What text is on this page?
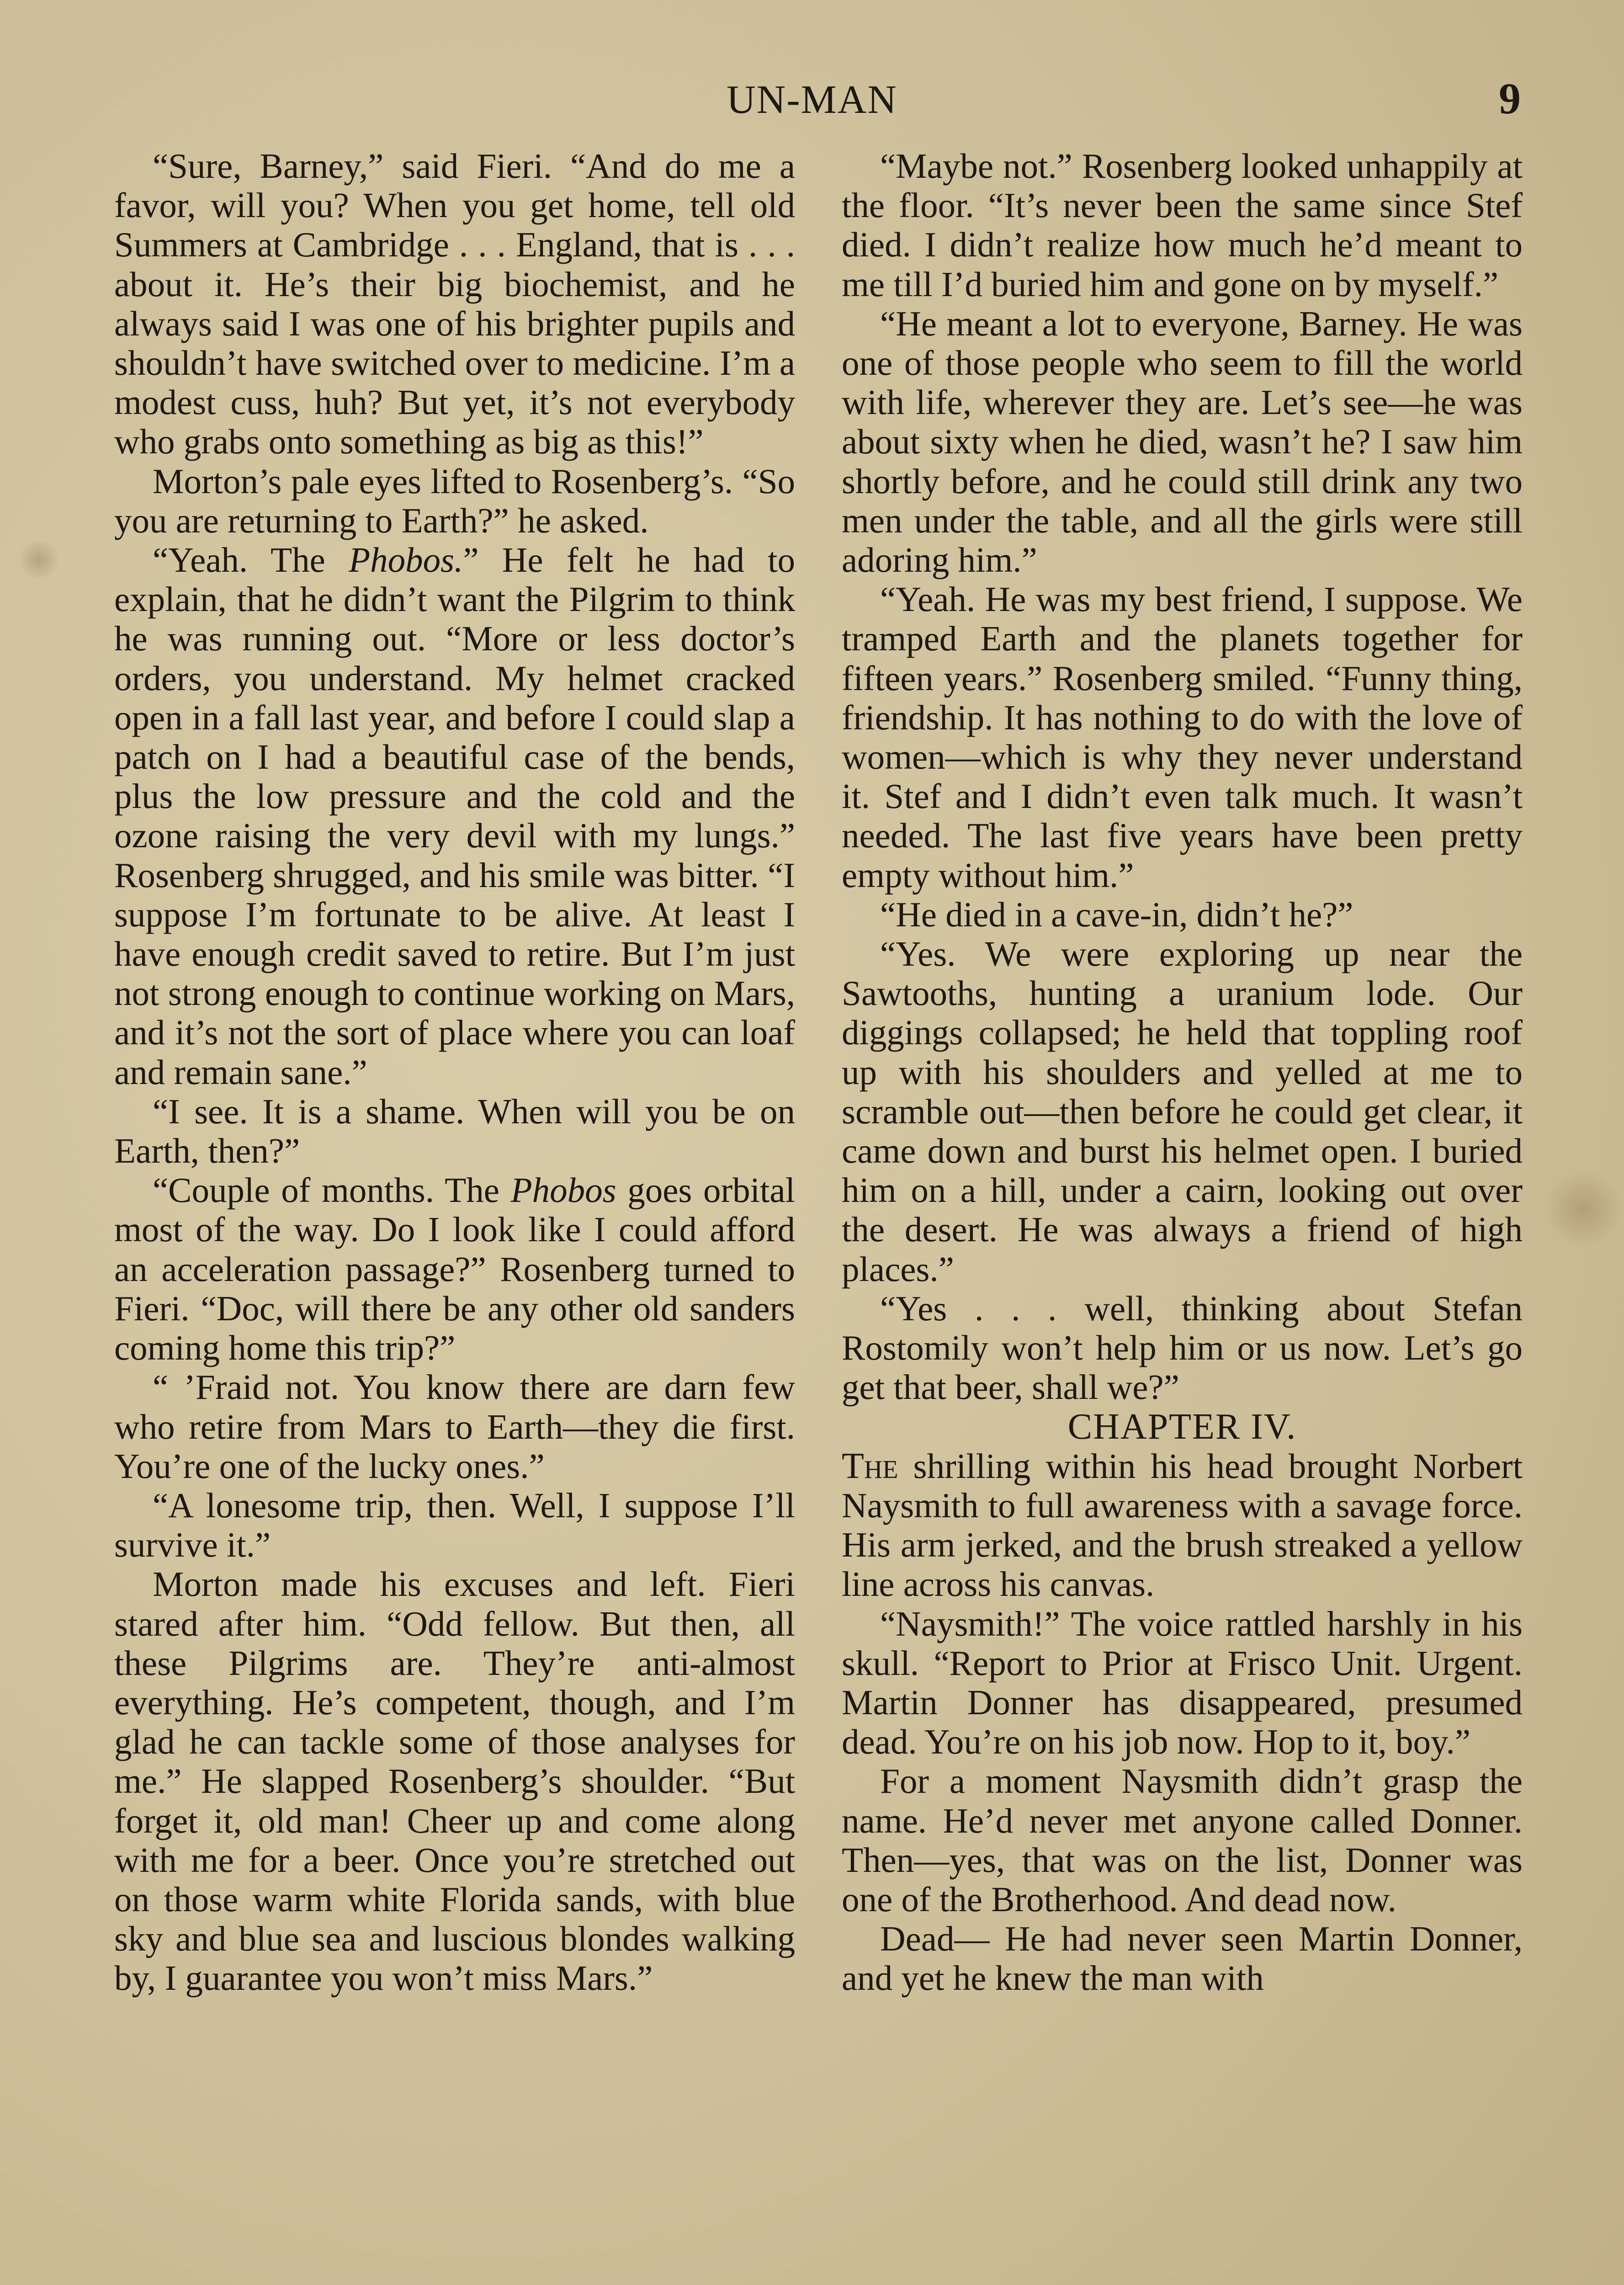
UN-MAN	9

“Sure, Barney,” said Fieri. “And do me a favor, will you? When you get home, tell old Summers at Cambridge . . . England, that is . . . about it. He’s their big biochemist, and he always said I was one of his brighter pupils and shouldn’t have switched over to medicine. I’m a modest cuss, huh? But yet, it’s not everybody who grabs onto something as big as this!”

Morton’s pale eyes lifted to Rosenberg’s. “So you are returning to Earth?” he asked.

“Yeah. The Phobos.” He felt he had to explain, that he didn’t want the Pilgrim to think he was running out. “More or less doctor’s orders, you understand. My helmet cracked open in a fall last year, and before I could slap a patch on I had a beautiful case of the bends, plus the low pressure and the cold and the ozone raising the very devil with my lungs.” Rosenberg shrugged, and his smile was bitter. “I suppose I’m fortunate to be alive. At least I have enough credit saved to retire. But I’m just not strong enough to continue working on Mars, and it’s not the sort of place where you can loaf and remain sane.”

“I see. It is a shame. When will you be on Earth, then?”

“Couple of months. The Phobos goes orbital most of the way. Do I look like I could afford an acceleration passage?” Rosenberg turned to Fieri. “Doc, will there be any other old sanders coming home this trip?”

“ ’Fraid not. You know there are darn few who retire from Mars to Earth—they die first. You’re one of the lucky ones.”

“A lonesome trip, then. Well, I suppose I’ll survive it.”

Morton made his excuses and left. Fieri stared after him. “Odd fellow. But then, all these Pilgrims are. They’re anti-almost everything. He’s competent, though, and I’m glad he can tackle some of those analyses for me.” He slapped Rosenberg’s shoulder. “But forget it, old man! Cheer up and come along with me for a beer. Once you’re stretched out on those warm white Florida sands, with blue sky and blue sea and luscious blondes walking by, I guarantee you won’t miss Mars.”

“Maybe not.” Rosenberg looked unhappily at the floor. “It’s never been the same since Stef died. I didn’t realize how much he’d meant to me till I’d buried him and gone on by myself.”

“He meant a lot to everyone, Barney. He was one of those people who seem to fill the world with life, wherever they are. Let’s see—he was about sixty when he died, wasn’t he? I saw him shortly before, and he could still drink any two men under the table, and all the girls were still adoring him.”

“Yeah. He was my best friend, I suppose. We tramped Earth and the planets together for fifteen years.” Rosenberg smiled. “Funny thing, friendship. It has nothing to do with the love of women—which is why they never understand it. Stef and I didn’t even talk much. It wasn’t needed. The last five years have been pretty empty without him.”

“He died in a cave-in, didn’t he?”

“Yes. We were exploring up near the Sawtooths, hunting a uranium lode. Our diggings collapsed; he held that toppling roof up with his shoulders and yelled at me to scramble out—then before he could get clear, it came down and burst his helmet open. I buried him on a hill, under a cairn, looking out over the desert. He was always a friend of high places.”

“Yes . . . well, thinking about Stefan Rostomily won’t help him or us now. Let’s go get that beer, shall we?”

CHAPTER IV.

The shrilling within his head brought Norbert Naysmith to full awareness with a savage force. His arm jerked, and the brush streaked a yellow line across his canvas.

“Naysmith!” The voice rattled harshly in his skull. “Report to Prior at Frisco Unit. Urgent. Martin Donner has disappeared, presumed dead. You’re on his job now. Hop to it, boy.”

For a moment Naysmith didn’t grasp the name. He’d never met anyone called Donner. Then—yes, that was on the list, Donner was one of the Brotherhood. And dead now.

Dead— He had never seen Martin Donner, and yet he knew the man with
